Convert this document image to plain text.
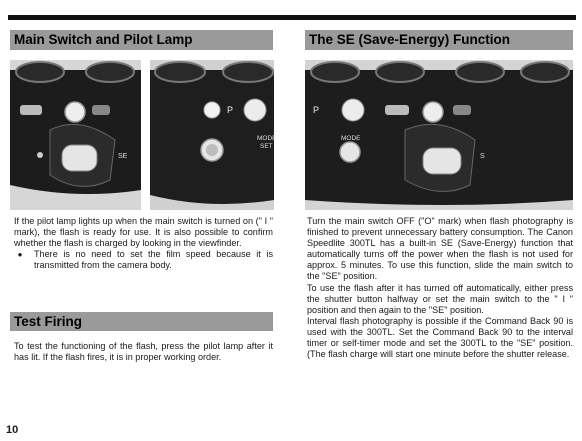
Main Switch and Pilot Lamp
SE
P
MODE
SET

If the pilot lamp lights up when the main switch is turned on (" I " mark), the flash is ready for use. It is also possible to confirm whether the flash is charged by looking in the viewfinder.

●	There is no need to set the film speed because it is transmitted from the camera body.
Test Firing

To test the functioning of the flash, press the pilot lamp after it has lit. If the flash fires, it is in proper working order.

The SE (Save-Energy) Function
P
MODE
S

Turn the main switch OFF ("O" mark) when flash photography is finished to prevent unnecessary battery consumption. The Canon Speedlite 300TL has a built-in SE (Save-Energy) function that automatically turns off the power when the flash is not used for approx. 5 minutes. To use this function, slide the main switch to the "SE" position.

To use the flash after it has turned off automatically, either press the shutter button halfway or set the main switch to the " I " position and then again to the "SE" position.

Interval flash photography is possible if the Command Back 90 is used with the 300TL. Set the Command Back 90 to the interval timer or self-timer mode and set the 300TL to the "SE" position. (The flash charge will start one minute before the shutter release.

10
